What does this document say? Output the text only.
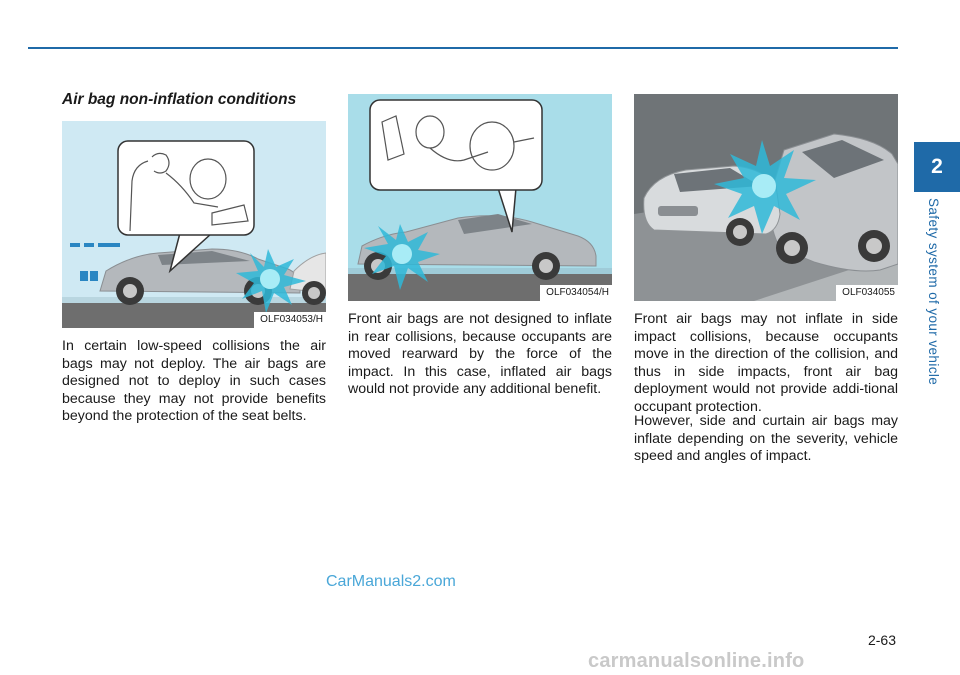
Air bag non-inflation conditions
OLF034053/H

In certain low-speed collisions the air bags may not deploy. The air bags are designed not to deploy in such cases because they may not provide benefits beyond the protection of the seat belts.

OLF034054/H

Front air bags are not designed to inflate in rear collisions, because occupants are moved rearward by the force of the impact. In this case, inflated air bags would not provide any additional benefit.

OLF034055

Front air bags may not inflate in side impact collisions, because occupants move in the direction of the collision, and thus in side impacts, front air bag deployment would not provide addi-tional occupant protection.

However, side and curtain air bags may inflate depending on the severity, vehicle speed and angles of impact.

2
Safety system of your vehicle
2-63
CarManuals2.com
carmanualsonline.info
